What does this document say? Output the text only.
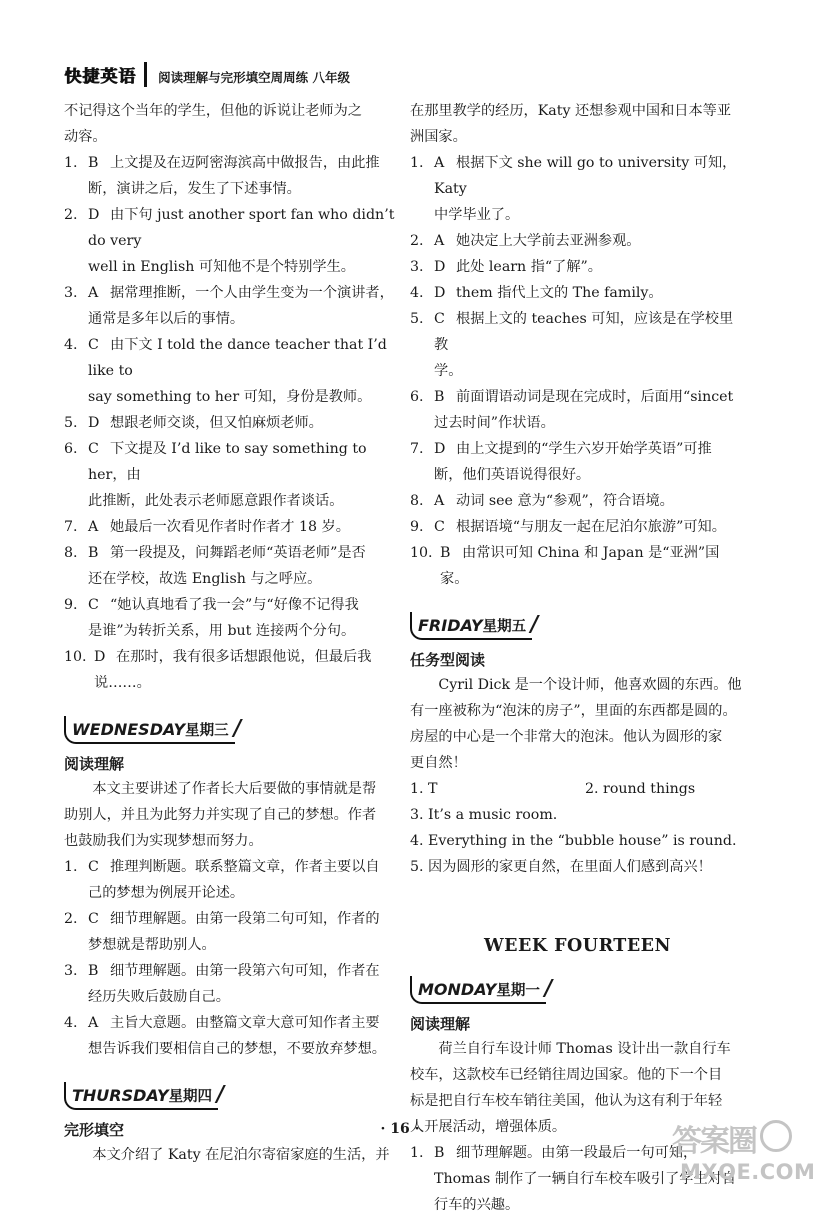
快捷英语 阅读理解与完形填空周周练 八年级

不记得这个当年的学生，但他的诉说让老师为之

动容。

1. B 上文提及在迈阿密海滨高中做报告，由此推
断，演讲之后，发生了下述事情。
2. D 由下句 just another sport fan who didn’t do very
well in English 可知他不是个特别学生。
3. A 据常理推断，一个人由学生变为一个演讲者，
通常是多年以后的事情。
4. C 由下文 I told the dance teacher that I’d like to
say something to her 可知，身份是教师。
5. D 想跟老师交谈，但又怕麻烦老师。
6. C 下文提及 I’d like to say something to her，由
此推断，此处表示老师愿意跟作者谈话。
7. A 她最后一次看见作者时作者才 18 岁。
8. B 第一段提及，问舞蹈老师“英语老师”是否
还在学校，故选 English 与之呼应。
9. C “她认真地看了我一会”与“好像不记得我
是谁”为转折关系，用 but 连接两个分句。
10. D 在那时，我有很多话想跟他说，但最后我
说……。
WEDNESDAY星期三/
阅读理解

本文主要讲述了作者长大后要做的事情就是帮

助别人，并且为此努力并实现了自己的梦想。作者

也鼓励我们为实现梦想而努力。

1. C 推理判断题。联系整篇文章，作者主要以自
己的梦想为例展开论述。
2. C 细节理解题。由第一段第二句可知，作者的
梦想就是帮助别人。
3. B 细节理解题。由第一段第六句可知，作者在
经历失败后鼓励自己。
4. A 主旨大意题。由整篇文章大意可知作者主要
想告诉我们要相信自己的梦想，不要放弃梦想。
THURSDAY星期四/
完形填空

本文介绍了 Katy 在尼泊尔寄宿家庭的生活，并

在那里教学的经历，Katy 还想参观中国和日本等亚

洲国家。

1. A 根据下文 she will go to university 可知，Katy
中学毕业了。
2. A 她决定上大学前去亚洲参观。
3. D 此处 learn 指“了解”。
4. D them 指代上文的 The family。
5. C 根据上文的 teaches 可知，应该是在学校里教
学。
6. B 前面谓语动词是现在完成时，后面用“sincet
过去时间”作状语。
7. D 由上文提到的“学生六岁开始学英语”可推
断，他们英语说得很好。
8. A 动词 see 意为“参观”，符合语境。
9. C 根据语境“与朋友一起在尼泊尔旅游”可知。
10. B 由常识可知 China 和 Japan 是“亚洲”国家。
FRIDAY星期五/
任务型阅读

Cyril Dick 是一个设计师，他喜欢圆的东西。他

有一座被称为“泡沫的房子”，里面的东西都是圆的。

房屋的中心是一个非常大的泡沫。他认为圆形的家

更自然！

1. T	2. round things
3. It’s a music room.
4. Everything in the “bubble house” is round.
5. 因为圆形的家更自然，在里面人们感到高兴！
WEEK FOURTEEN
MONDAY星期一/
阅读理解

荷兰自行车设计师 Thomas 设计出一款自行车

校车，这款校车已经销往周边国家。他的下一个目

标是把自行车校车销往美国，他认为这有利于年轻

人开展活动，增强体质。

1. B 细节理解题。由第一段最后一句可知，
Thomas 制作了一辆自行车校车吸引了学生对自
行车的兴趣。
· 16 ·	答案圈
MXQE.COM
